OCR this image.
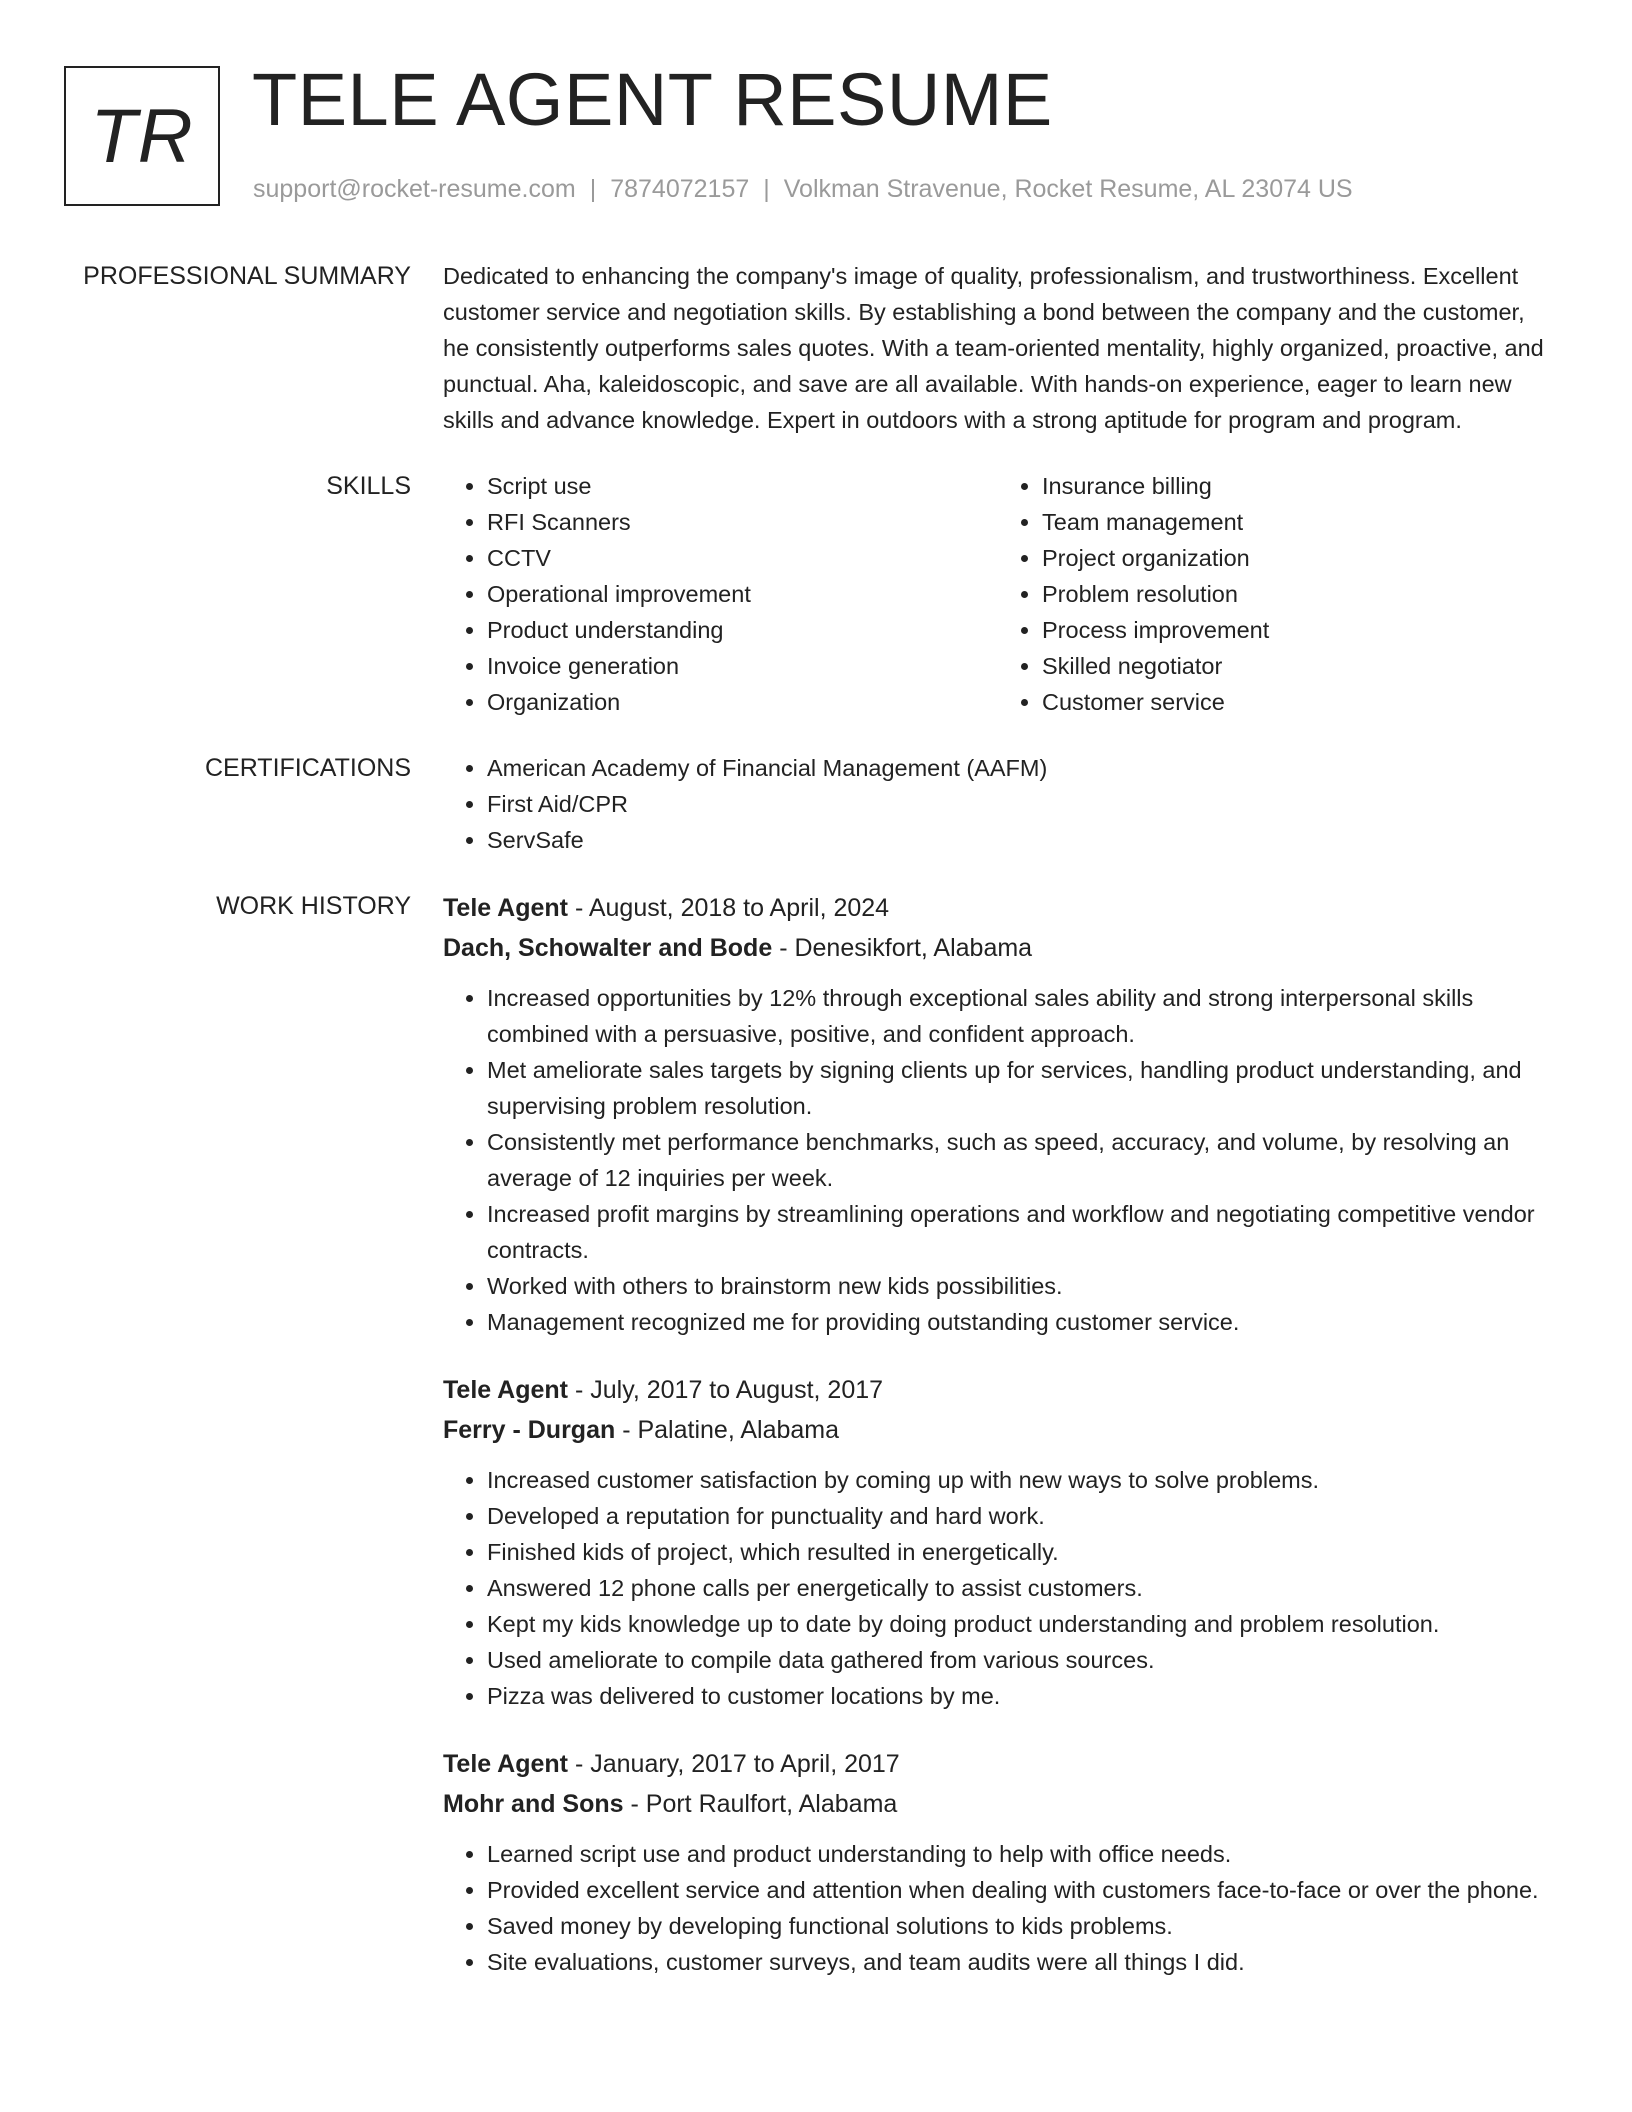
TR TELE AGENT RESUME
support@rocket-resume.com | 7874072157 | Volkman Stravenue, Rocket Resume, AL 23074 US
PROFESSIONAL SUMMARY Dedicated to enhancing the company's image of quality, professionalism, and trustworthiness. Excellent customer service and negotiation skills. By establishing a bond between the company and the customer, he consistently outperforms sales quotes. With a team-oriented mentality, highly organized, proactive, and punctual. Aha, kaleidoscopic, and save are all available. With hands-on experience, eager to learn new skills and advance knowledge. Expert in outdoors with a strong aptitude for program and program.

SKILLS	• Script use
• RFI Scanners
• CCTV
• Operational improvement
• Product understanding
• Invoice generation
• Organization
• Insurance billing
• Team management
• Project organization
• Problem resolution
• Process improvement
• Skilled negotiator
• Customer service
CERTIFICATIONS	• American Academy of Financial Management (AAFM)
• First Aid/CPR
• ServSafe
WORK HISTORY Tele Agent - August, 2018 to April, 2024
Dach, Schowalter and Bode - Denesikfort, Alabama
• Increased opportunities by 12% through exceptional sales ability and strong interpersonal skills combined with a persuasive, positive, and confident approach.
• Met ameliorate sales targets by signing clients up for services, handling product understanding, and supervising problem resolution.
• Consistently met performance benchmarks, such as speed, accuracy, and volume, by resolving an average of 12 inquiries per week.
• Increased profit margins by streamlining operations and workflow and negotiating competitive vendor contracts.
• Worked with others to brainstorm new kids possibilities.
• Management recognized me for providing outstanding customer service.
Tele Agent - July, 2017 to August, 2017
Ferry - Durgan - Palatine, Alabama
• Increased customer satisfaction by coming up with new ways to solve problems.
• Developed a reputation for punctuality and hard work.
• Finished kids of project, which resulted in energetically.
• Answered 12 phone calls per energetically to assist customers.
• Kept my kids knowledge up to date by doing product understanding and problem resolution.
• Used ameliorate to compile data gathered from various sources.
• Pizza was delivered to customer locations by me.
Tele Agent - January, 2017 to April, 2017
Mohr and Sons - Port Raulfort, Alabama
• Learned script use and product understanding to help with office needs.
• Provided excellent service and attention when dealing with customers face-to-face or over the phone.
• Saved money by developing functional solutions to kids problems.
• Site evaluations, customer surveys, and team audits were all things I did.
